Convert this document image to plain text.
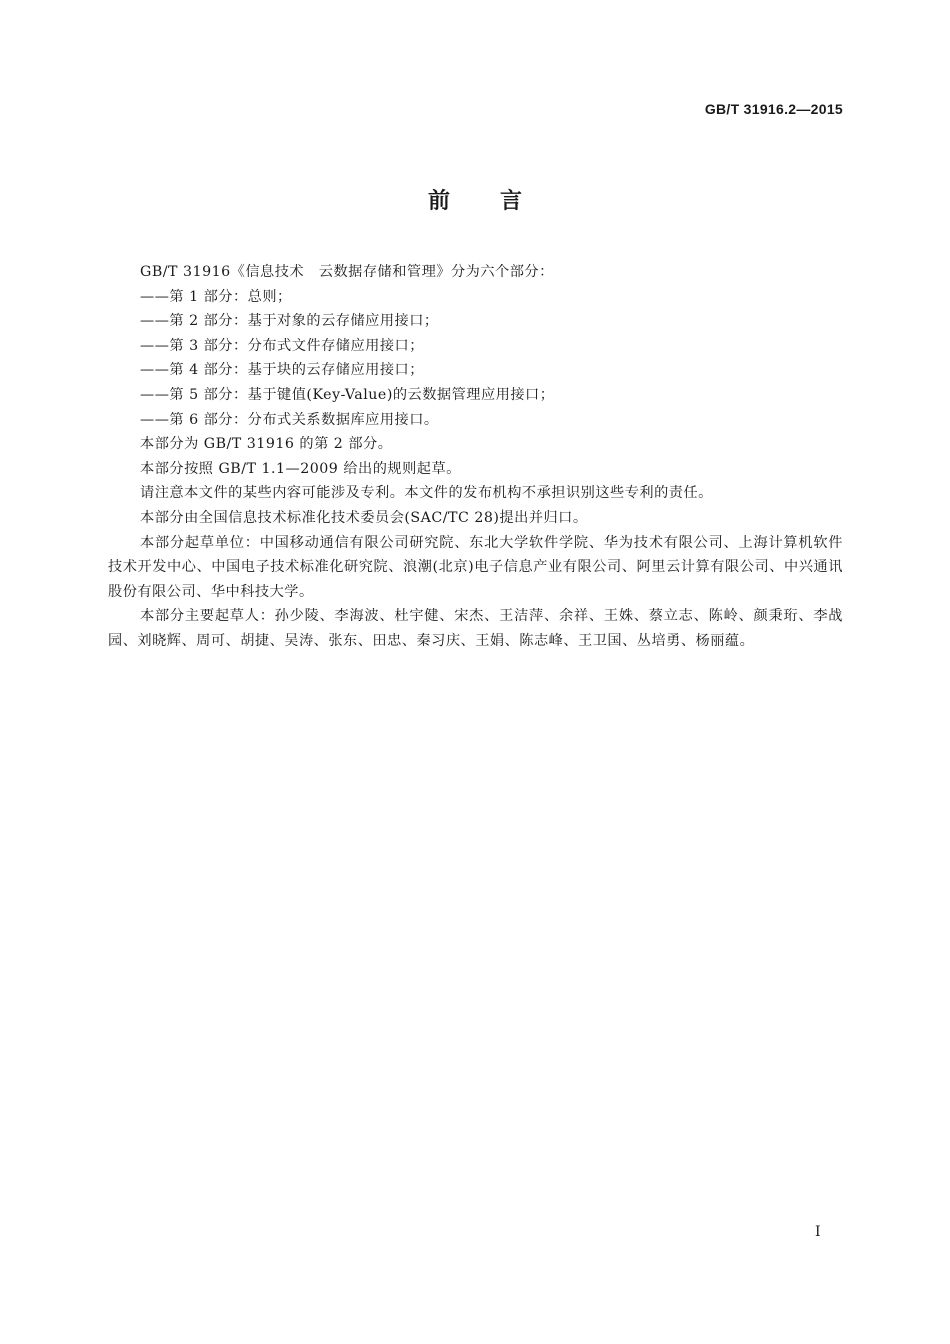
GB/T 31916.2—2015
前 言

GB/T 31916《信息技术　云数据存储和管理》分为六个部分：

——第 1 部分：总则；

——第 2 部分：基于对象的云存储应用接口；

——第 3 部分：分布式文件存储应用接口；

——第 4 部分：基于块的云存储应用接口；

——第 5 部分：基于键值(Key-Value)的云数据管理应用接口；

——第 6 部分：分布式关系数据库应用接口。

本部分为 GB/T 31916 的第 2 部分。

本部分按照 GB/T 1.1—2009 给出的规则起草。

请注意本文件的某些内容可能涉及专利。本文件的发布机构不承担识别这些专利的责任。

本部分由全国信息技术标准化技术委员会(SAC/TC 28)提出并归口。

本部分起草单位：中国移动通信有限公司研究院、东北大学软件学院、华为技术有限公司、上海计算机软件技术开发中心、中国电子技术标准化研究院、浪潮(北京)电子信息产业有限公司、阿里云计算有限公司、中兴通讯股份有限公司、华中科技大学。

本部分主要起草人：孙少陵、李海波、杜宇健、宋杰、王洁萍、余祥、王姝、蔡立志、陈岭、颜秉珩、李战园、刘晓辉、周可、胡捷、吴涛、张东、田忠、秦习庆、王娟、陈志峰、王卫国、丛培勇、杨丽蕴。

I
